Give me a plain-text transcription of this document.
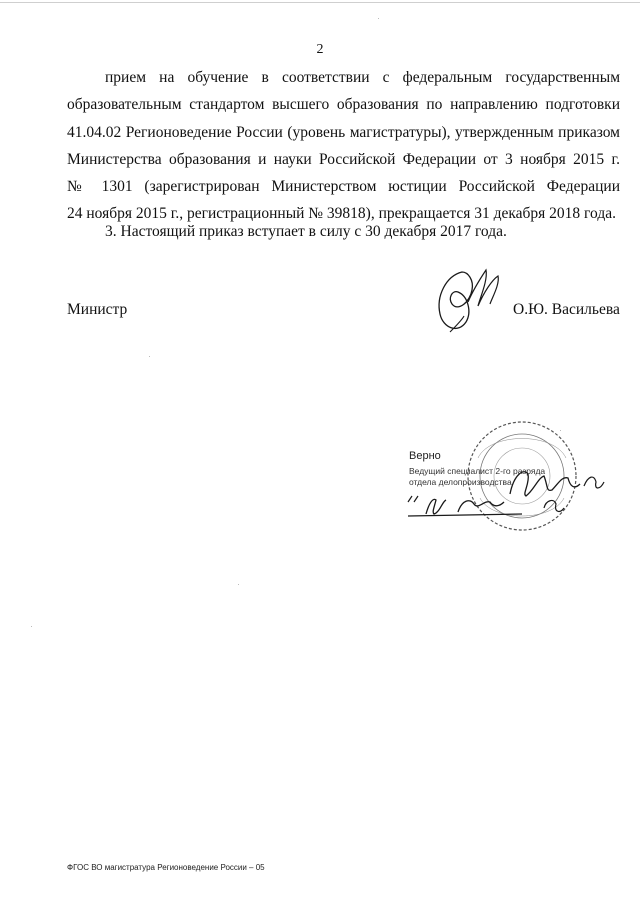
2
прием на обучение в соответствии с федеральным государственным
образовательным стандартом высшего образования по направлению подготовки
41.04.02 Регионоведение России (уровень магистратуры), утвержденным приказом
Министерства образования и науки Российской Федерации от 3 ноября 2015 г.
№ 1301 (зарегистрирован Министерством юстиции Российской Федерации
24 ноября 2015 г., регистрационный № 39818), прекращается 31 декабря 2018 года.
3. Настоящий приказ вступает в силу с 30 декабря 2017 года.
Министр	О.Ю. Васильева
Верно
Ведущий специалист 2-го разряда
отдела делопроизводства
ФГОС ВО магистратура Регионоведение России – 05
